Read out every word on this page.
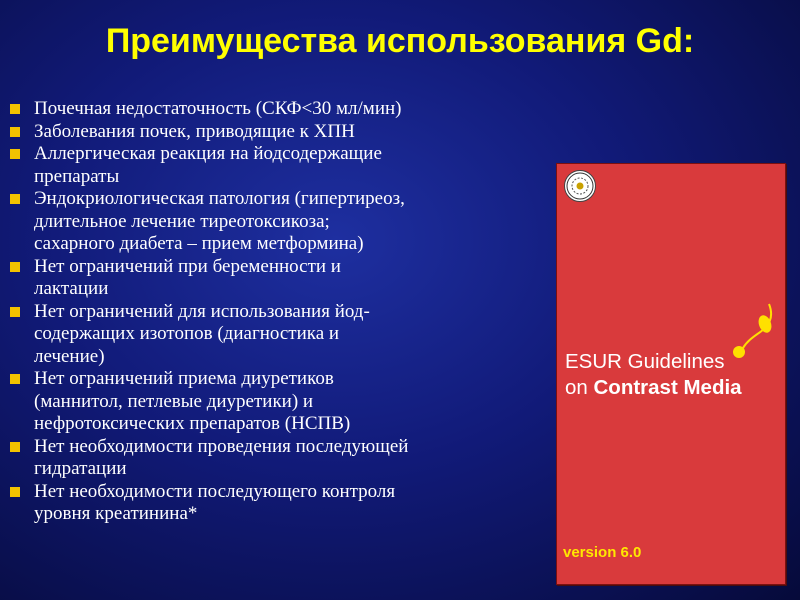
Преимущества использования Gd:
Почечная недостаточность (СКФ<30 мл/мин)
Заболевания почек, приводящие к ХПН
Аллергическая реакция на йодсодержащие
препараты
Эндокриологическая патология (гипертиреоз,
длительное лечение тиреотоксикоза;
сахарного диабета – прием метформина)
Нет ограничений при беременности и
лактации
Нет ограничений для использования йод-
содержащих изотопов (диагностика и
лечение)
Нет ограничений приема диуретиков
(маннитол, петлевые диуретики) и
нефротоксических препаратов (НСПВ)
Нет необходимости проведения последующей
гидратации
Нет необходимости последующего контроля
уровня креатинина*
ESUR Guidelines
on Contrast Media
version 6.0
